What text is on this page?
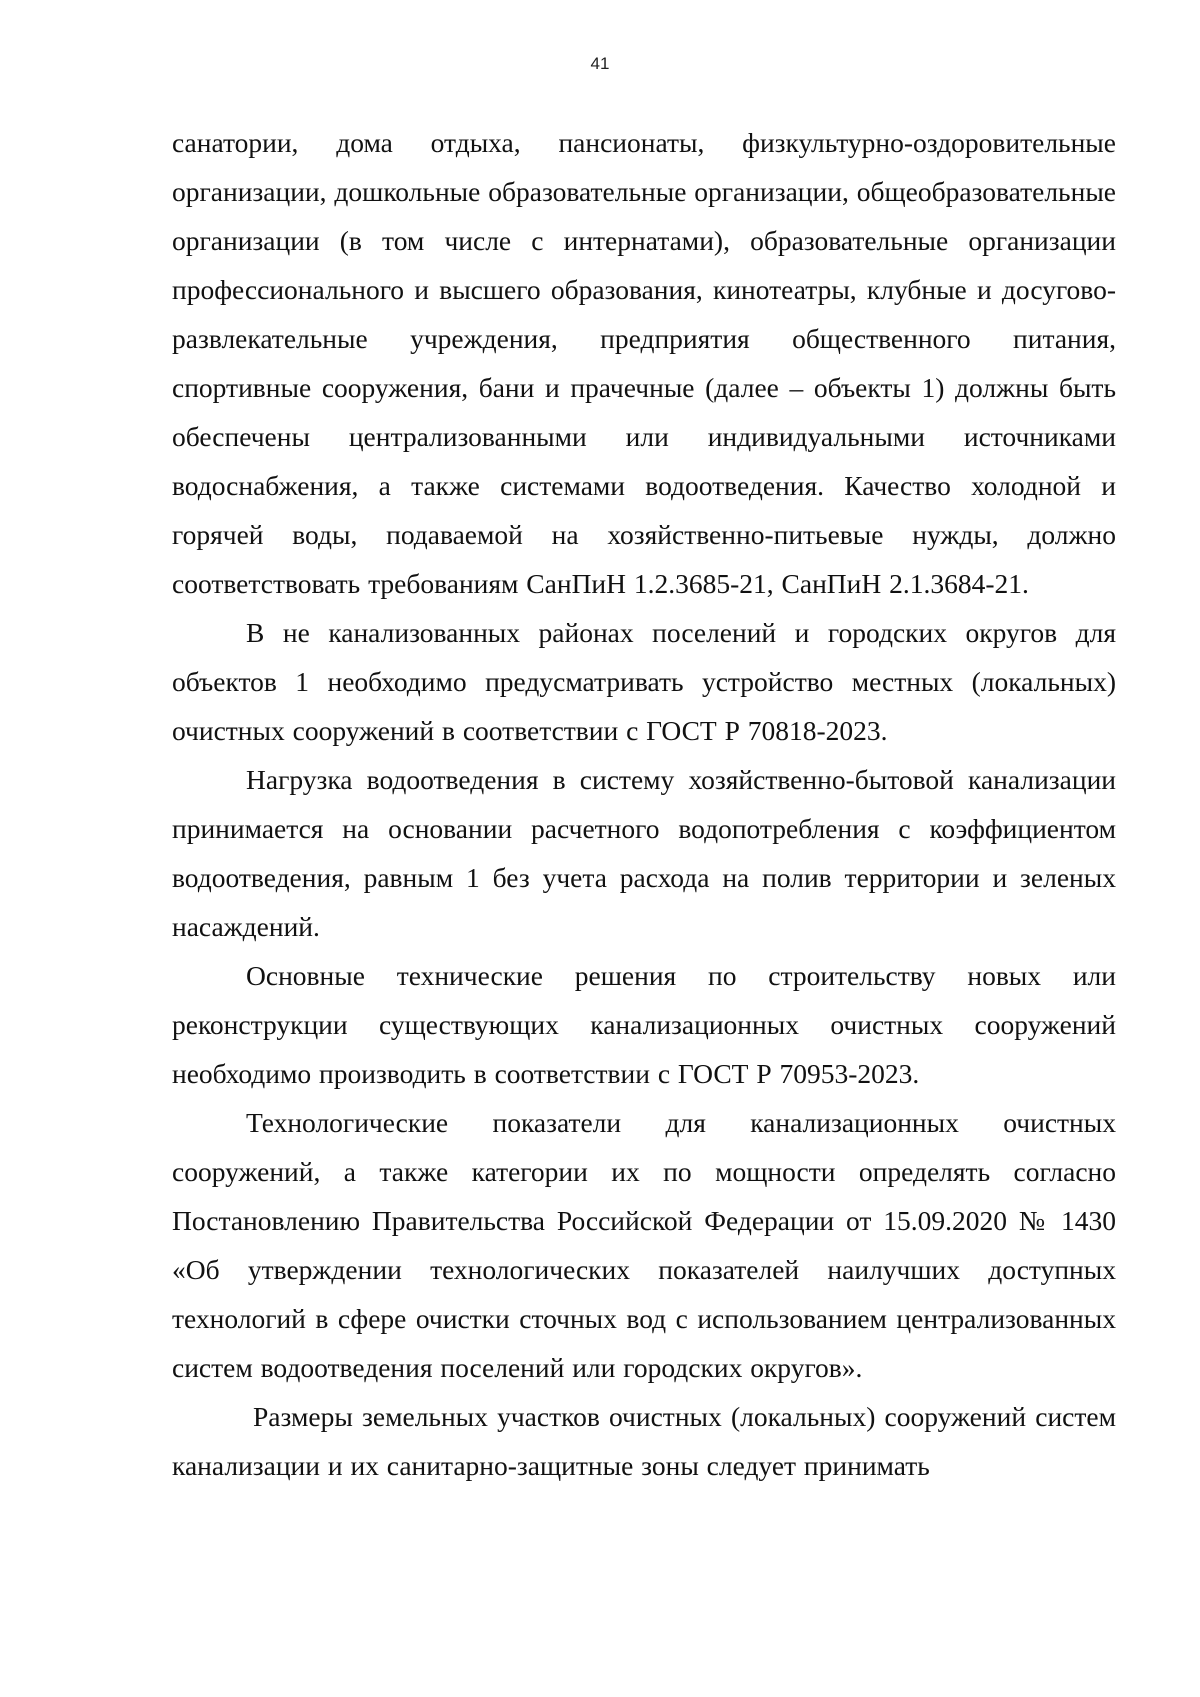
41

санатории, дома отдыха, пансионаты, физкультурно-оздоровительные организации, дошкольные образовательные организации, общеобразовательные организации (в том числе с интернатами), образовательные организации профессионального и высшего образования, кинотеатры, клубные и досугово-развлекательные учреждения, предприятия общественного питания, спортивные сооружения, бани и прачечные (далее – объекты 1) должны быть обеспечены централизованными или индивидуальными источниками водоснабжения, а также системами водоотведения. Качество холодной и горячей воды, подаваемой на хозяйственно-питьевые нужды, должно соответствовать требованиям СанПиН 1.2.3685-21, СанПиН 2.1.3684-21.

В не канализованных районах поселений и городских округов для объектов 1 необходимо предусматривать устройство местных (локальных) очистных сооружений в соответствии с ГОСТ Р 70818-2023.

Нагрузка водоотведения в систему хозяйственно-бытовой канализации принимается на основании расчетного водопотребления с коэффициентом водоотведения, равным 1 без учета расхода на полив территории и зеленых насаждений.

Основные технические решения по строительству новых или реконструкции существующих канализационных очистных сооружений необходимо производить в соответствии с ГОСТ Р 70953-2023.

Технологические показатели для канализационных очистных сооружений, а также категории их по мощности определять согласно Постановлению Правительства Российской Федерации от 15.09.2020 № 1430 «Об утверждении технологических показателей наилучших доступных технологий в сфере очистки сточных вод с использованием централизованных систем водоотведения поселений или городских округов».

Размеры земельных участков очистных (локальных) сооружений систем канализации и их санитарно-защитные зоны следует принимать
